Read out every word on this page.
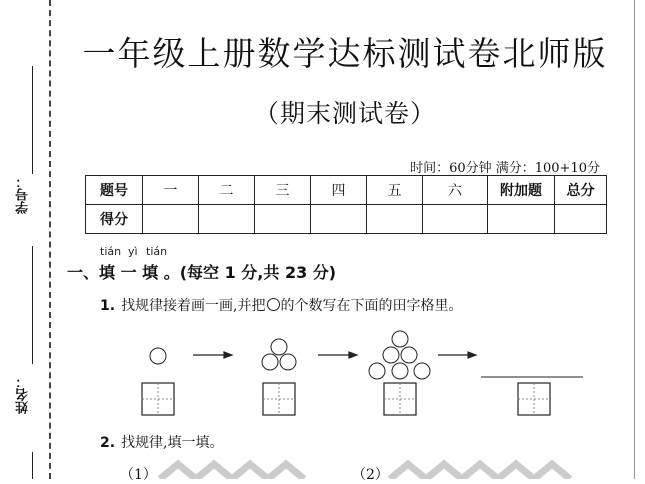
学号：
姓名：
一年级上册数学达标测试卷北师版
（期末测试卷）
时间：60分钟 满分：100+10分
题号	一	二	三	四	五	六	附加题	总分
得分								
tián yì tián
一、填 一 填 。(每空 1 分,共 23 分)
1. 找规律接着画一画,并把 的个数写在下面的田字格里。
2. 找规律,填一填。
（1）	（2）
